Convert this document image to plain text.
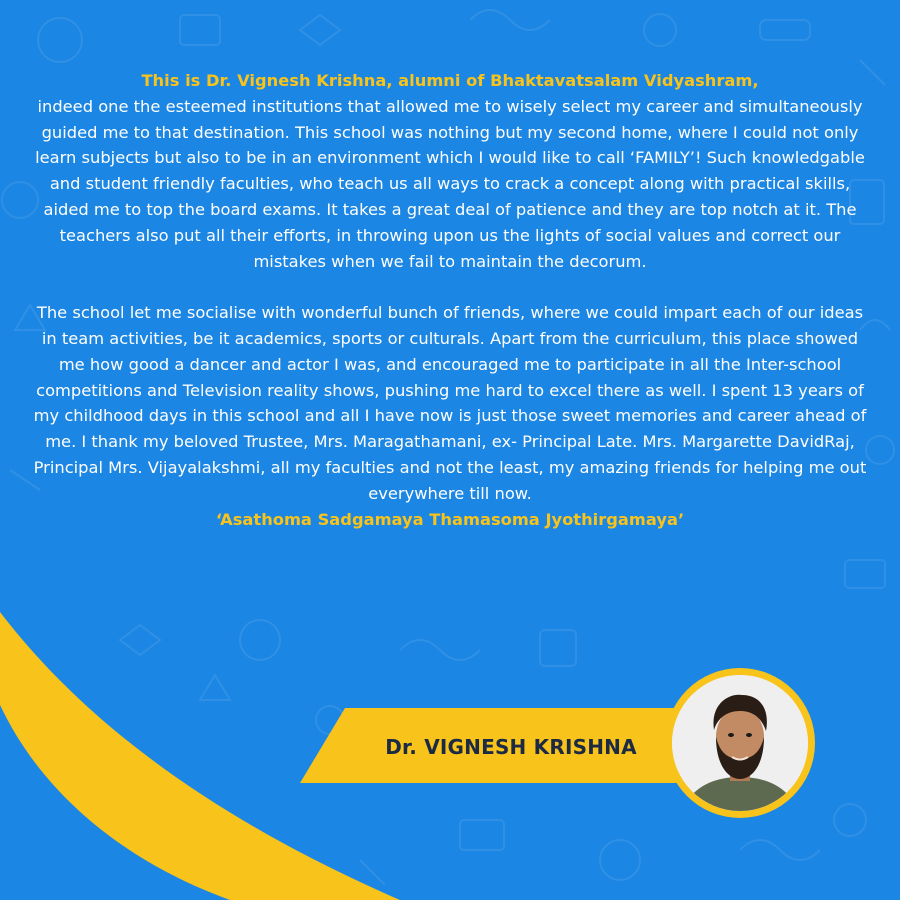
This is Dr. Vignesh Krishna, alumni of Bhaktavatsalam Vidyashram,

indeed one the esteemed institutions that allowed me to wisely select my career and simultaneously guided me to that destination. This school was nothing but my second home, where I could not only learn subjects but also to be in an environment which I would like to call ‘FAMILY’! Such knowledgable and student friendly faculties, who teach us all ways to crack a concept along with practical skills, aided me to top the board exams. It takes a great deal of patience and they are top notch at it. The teachers also put all their efforts, in throwing upon us the lights of social values and correct our mistakes when we fail to maintain the decorum.

The school let me socialise with wonderful bunch of friends, where we could impart each of our ideas in team activities, be it academics, sports or culturals. Apart from the curriculum, this place showed me how good a dancer and actor I was, and encouraged me to participate in all the Inter-school competitions and Television reality shows, pushing me hard to excel there as well. I spent 13 years of my childhood days in this school and all I have now is just those sweet memories and career ahead of me. I thank my beloved Trustee, Mrs. Maragathamani, ex- Principal Late. Mrs. Margarette DavidRaj, Principal Mrs. Vijayalakshmi, all my faculties and not the least, my amazing friends for helping me out everywhere till now.

‘Asathoma Sadgamaya Thamasoma Jyothirgamaya’

Dr. VIGNESH KRISHNA
